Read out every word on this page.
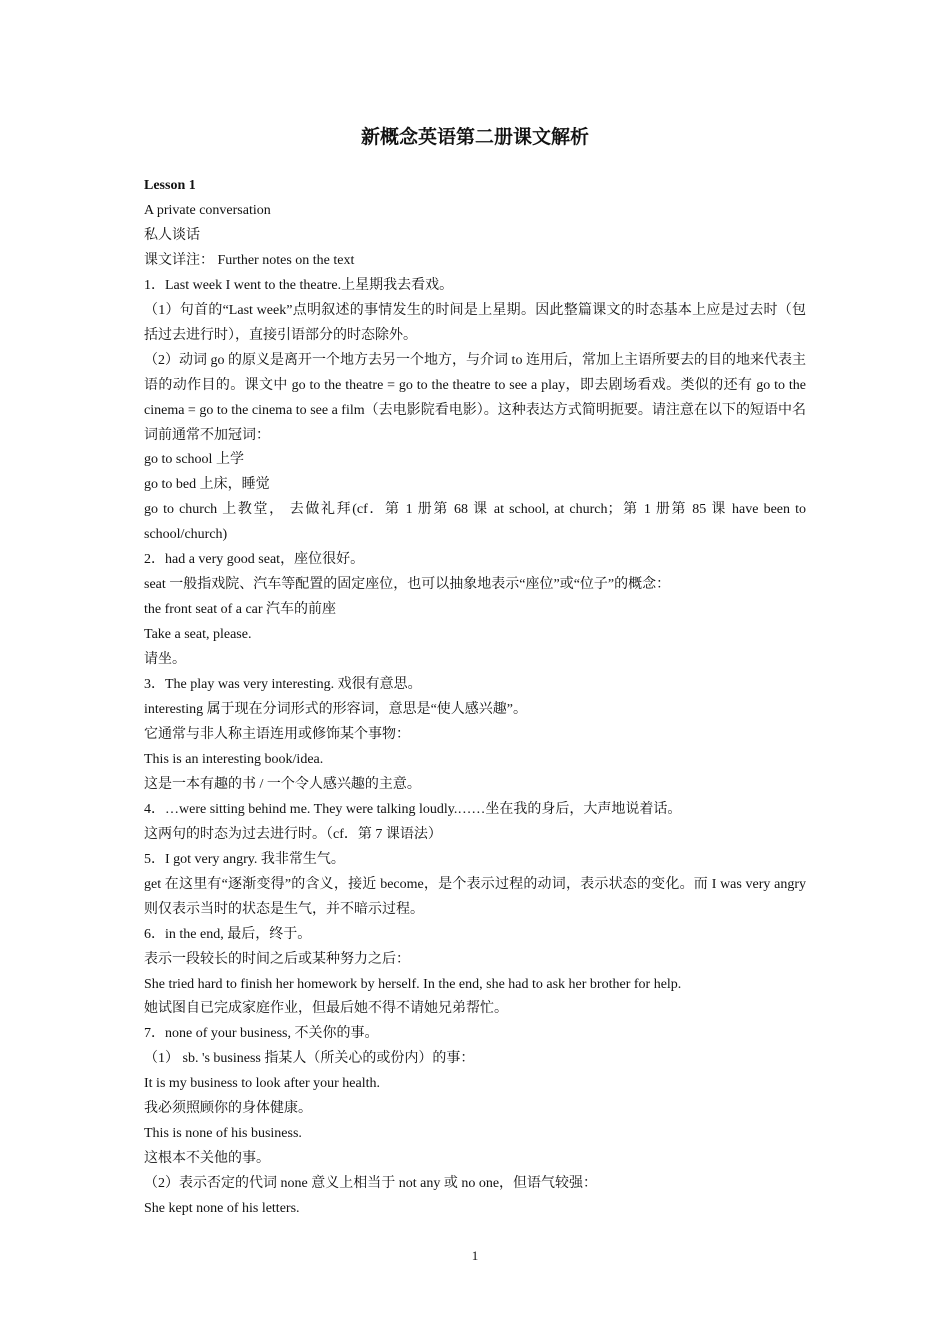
新概念英语第二册课文解析

Lesson 1

A private conversation

私人谈话

课文详注： Further notes on the text

1．Last week I went to the theatre.上星期我去看戏。

（1）句首的“Last week”点明叙述的事情发生的时间是上星期。因此整篇课文的时态基本上应是过去时（包括过去进行时），直接引语部分的时态除外。

（2）动词 go 的原义是离开一个地方去另一个地方，与介词 to 连用后，常加上主语所要去的目的地来代表主语的动作目的。课文中 go to the theatre = go to the theatre to see a play，即去剧场看戏。类似的还有 go to the cinema = go to the cinema to see a film（去电影院看电影）。这种表达方式简明扼要。请注意在以下的短语中名词前通常不加冠词：

go to school 上学

go to bed 上床，睡觉

go to church 上教堂， 去做礼拜(cf．第 1 册第 68 课 at school, at church；第 1 册第 85 课 have been to school/church)

2．had a very good seat，座位很好。

seat 一般指戏院、汽车等配置的固定座位，也可以抽象地表示“座位”或“位子”的概念：

the front seat of a car 汽车的前座

Take a seat, please.

请坐。

3．The play was very interesting. 戏很有意思。

interesting 属于现在分词形式的形容词，意思是“使人感兴趣”。

它通常与非人称主语连用或修饰某个事物：

This is an interesting book/idea.

这是一本有趣的书 / 一个令人感兴趣的主意。

4．…were sitting behind me. They were talking loudly.……坐在我的身后，大声地说着话。

这两句的时态为过去进行时。（cf．第 7 课语法）

5．I got very angry. 我非常生气。

get 在这里有“逐渐变得”的含义，接近 become，是个表示过程的动词，表示状态的变化。而 I was very angry 则仅表示当时的状态是生气，并不暗示过程。

6．in the end, 最后，终于。

表示一段较长的时间之后或某种努力之后：

She tried hard to finish her homework by herself. In the end, she had to ask her brother for help.

她试图自已完成家庭作业，但最后她不得不请她兄弟帮忙。

7．none of your business, 不关你的事。

（1） sb. 's business 指某人（所关心的或份内）的事：

It is my business to look after your health.

我必须照顾你的身体健康。

This is none of his business.

这根本不关他的事。

（2）表示否定的代词 none 意义上相当于 not any 或 no one，但语气较强：

She kept none of his letters.

1
